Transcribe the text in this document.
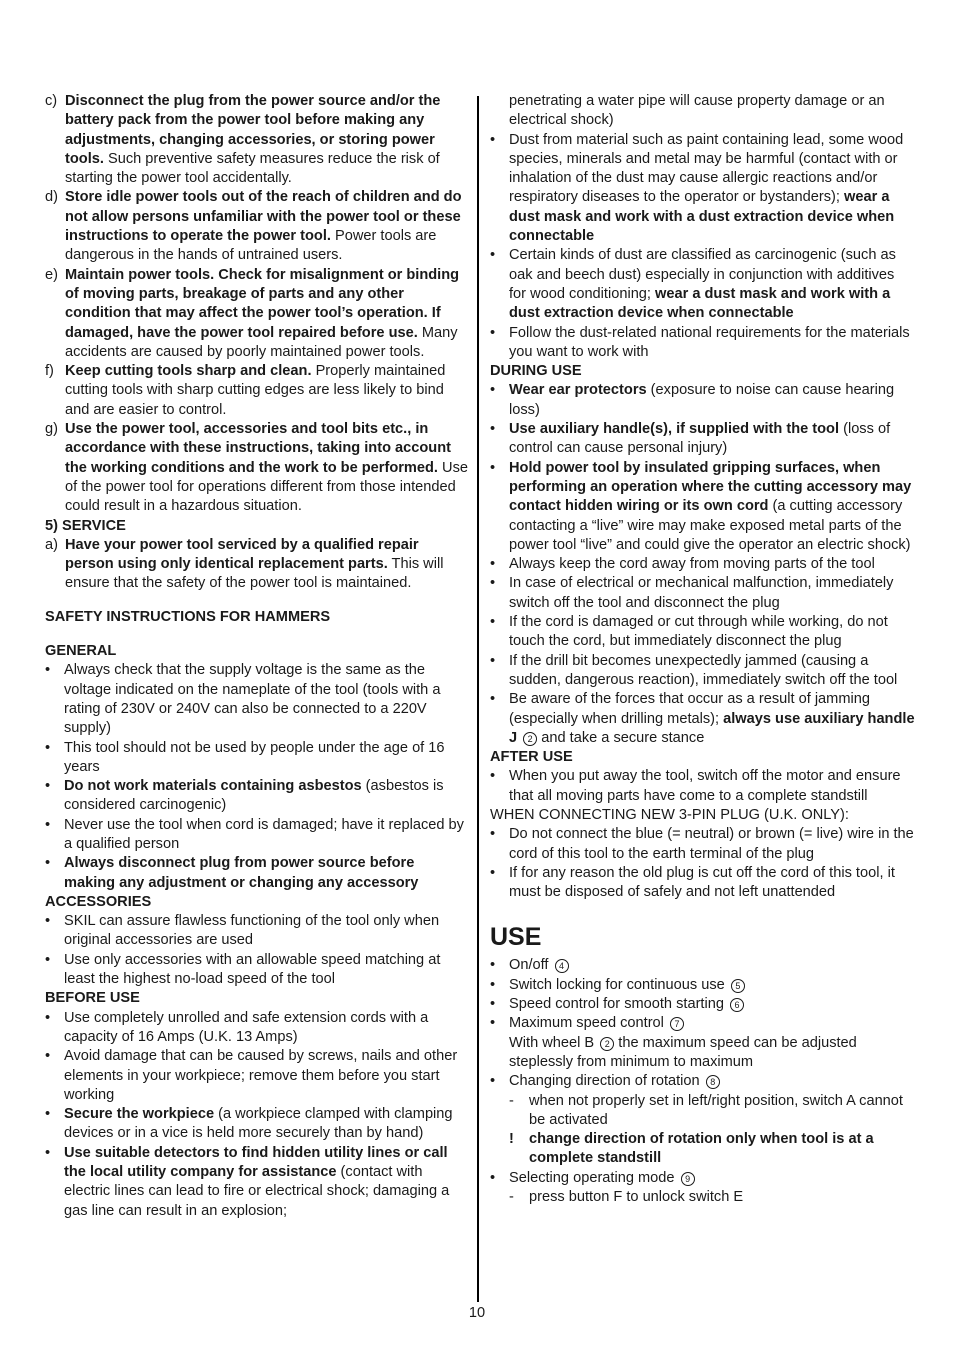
c) Disconnect the plug from the power source and/or the battery pack from the power tool before making any adjustments, changing accessories, or storing power tools. Such preventive safety measures reduce the risk of starting the power tool accidentally.
d) Store idle power tools out of the reach of children and do not allow persons unfamiliar with the power tool or these instructions to operate the power tool. Power tools are dangerous in the hands of untrained users.
e) Maintain power tools. Check for misalignment or binding of moving parts, breakage of parts and any other condition that may affect the power tool’s operation. If damaged, have the power tool repaired before use. Many accidents are caused by poorly maintained power tools.
f) Keep cutting tools sharp and clean. Properly maintained cutting tools with sharp cutting edges are less likely to bind and are easier to control.
g) Use the power tool, accessories and tool bits etc., in accordance with these instructions, taking into account the working conditions and the work to be performed. Use of the power tool for operations different from those intended could result in a hazardous situation.
5) SERVICE
a) Have your power tool serviced by a qualified repair person using only identical replacement parts. This will ensure that the safety of the power tool is maintained.
SAFETY INSTRUCTIONS FOR HAMMERS
GENERAL
• Always check that the supply voltage is the same as the voltage indicated on the nameplate of the tool (tools with a rating of 230V or 240V can also be connected to a 220V supply)
• This tool should not be used by people under the age of 16 years
• Do not work materials containing asbestos (asbestos is considered carcinogenic)
• Never use the tool when cord is damaged; have it replaced by a qualified person
• Always disconnect plug from power source before making any adjustment or changing any accessory
ACCESSORIES
• SKIL can assure flawless functioning of the tool only when original accessories are used
• Use only accessories with an allowable speed matching at least the highest no-load speed of the tool
BEFORE USE
• Use completely unrolled and safe extension cords with a capacity of 16 Amps (U.K. 13 Amps)
• Avoid damage that can be caused by screws, nails and other elements in your workpiece; remove them before you start working
• Secure the workpiece (a workpiece clamped with clamping devices or in a vice is held more securely than by hand)
• Use suitable detectors to find hidden utility lines or call the local utility company for assistance (contact with electric lines can lead to fire or electrical shock; damaging a gas line can result in an explosion;
penetrating a water pipe will cause property damage or an electrical shock)
• Dust from material such as paint containing lead, some wood species, minerals and metal may be harmful (contact with or inhalation of the dust may cause allergic reactions and/or respiratory diseases to the operator or bystanders); wear a dust mask and work with a dust extraction device when connectable
• Certain kinds of dust are classified as carcinogenic (such as oak and beech dust) especially in conjunction with additives for wood conditioning; wear a dust mask and work with a dust extraction device when connectable
• Follow the dust-related national requirements for the materials you want to work with
DURING USE
• Wear ear protectors (exposure to noise can cause hearing loss)
• Use auxiliary handle(s), if supplied with the tool (loss of control can cause personal injury)
• Hold power tool by insulated gripping surfaces, when performing an operation where the cutting accessory may contact hidden wiring or its own cord (a cutting accessory contacting a “live” wire may make exposed metal parts of the power tool “live” and could give the operator an electric shock)
• Always keep the cord away from moving parts of the tool
• In case of electrical or mechanical malfunction, immediately switch off the tool and disconnect the plug
• If the cord is damaged or cut through while working, do not touch the cord, but immediately disconnect the plug
• If the drill bit becomes unexpectedly jammed (causing a sudden, dangerous reaction), immediately switch off the tool
• Be aware of the forces that occur as a result of jamming (especially when drilling metals); always use auxiliary handle J 2 and take a secure stance
AFTER USE
• When you put away the tool, switch off the motor and ensure that all moving parts have come to a complete standstill
WHEN CONNECTING NEW 3-PIN PLUG (U.K. ONLY):
• Do not connect the blue (= neutral) or brown (= live) wire in the cord of this tool to the earth terminal of the plug
• If for any reason the old plug is cut off the cord of this tool, it must be disposed of safely and not left unattended
USE
• On/off 4
• Switch locking for continuous use 5
• Speed control for smooth starting 6
• Maximum speed control 7
With wheel B 2 the maximum speed can be adjusted steplessly from minimum to maximum
• Changing direction of rotation 8
- when not properly set in left/right position, switch A cannot be activated
! change direction of rotation only when tool is at a complete standstill
• Selecting operating mode 9
- press button F to unlock switch E
10
